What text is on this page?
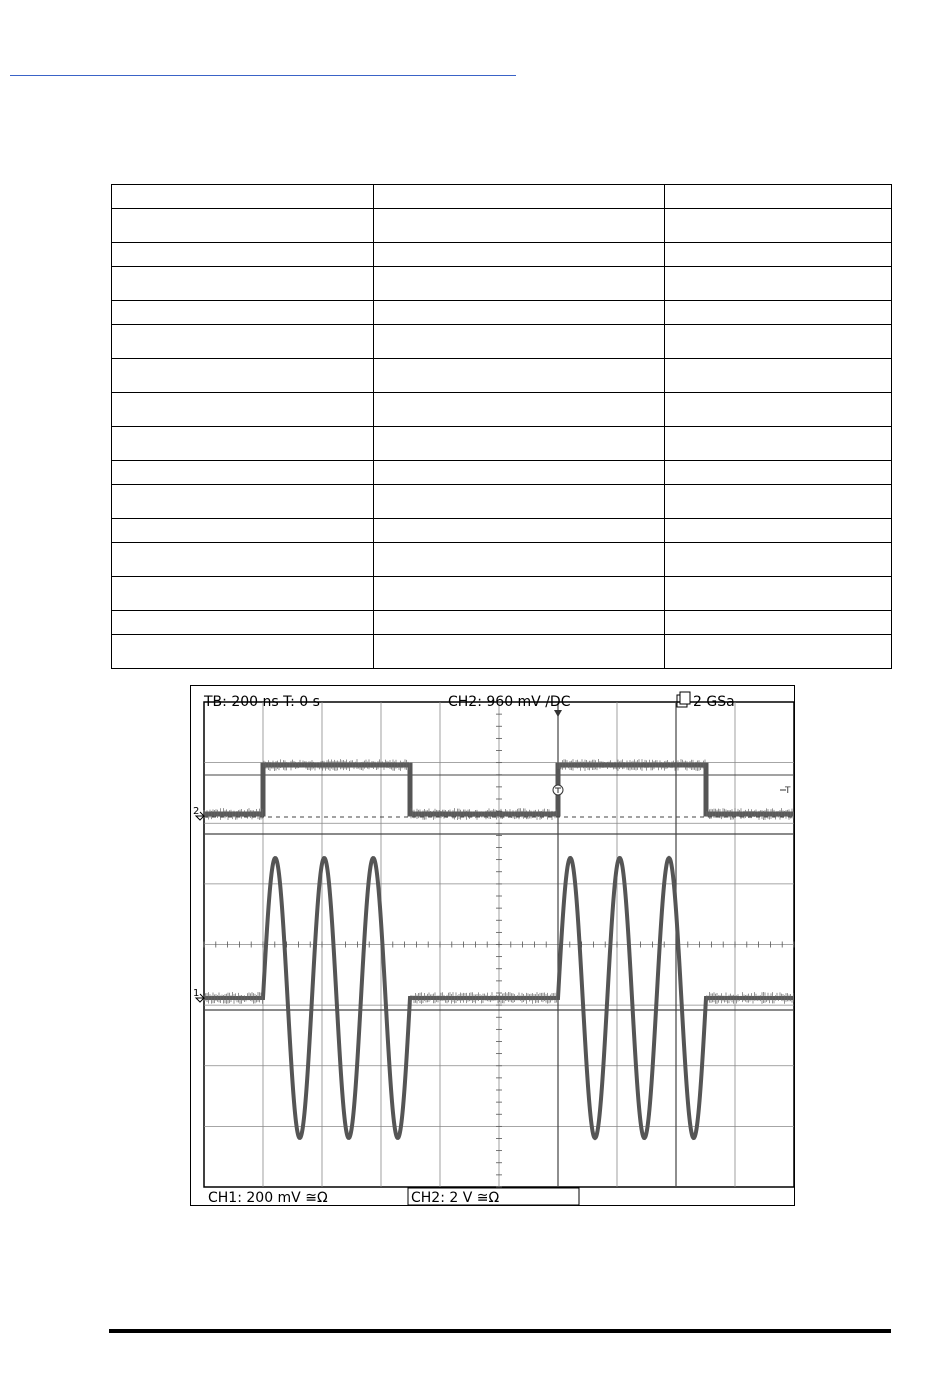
TB: 200 ns T: 0 s	CH2: 960 mV ∕DC	2 GSa
T
2
1
CH1: 200 mV ≅Ω	CH2: 2 V ≅Ω
